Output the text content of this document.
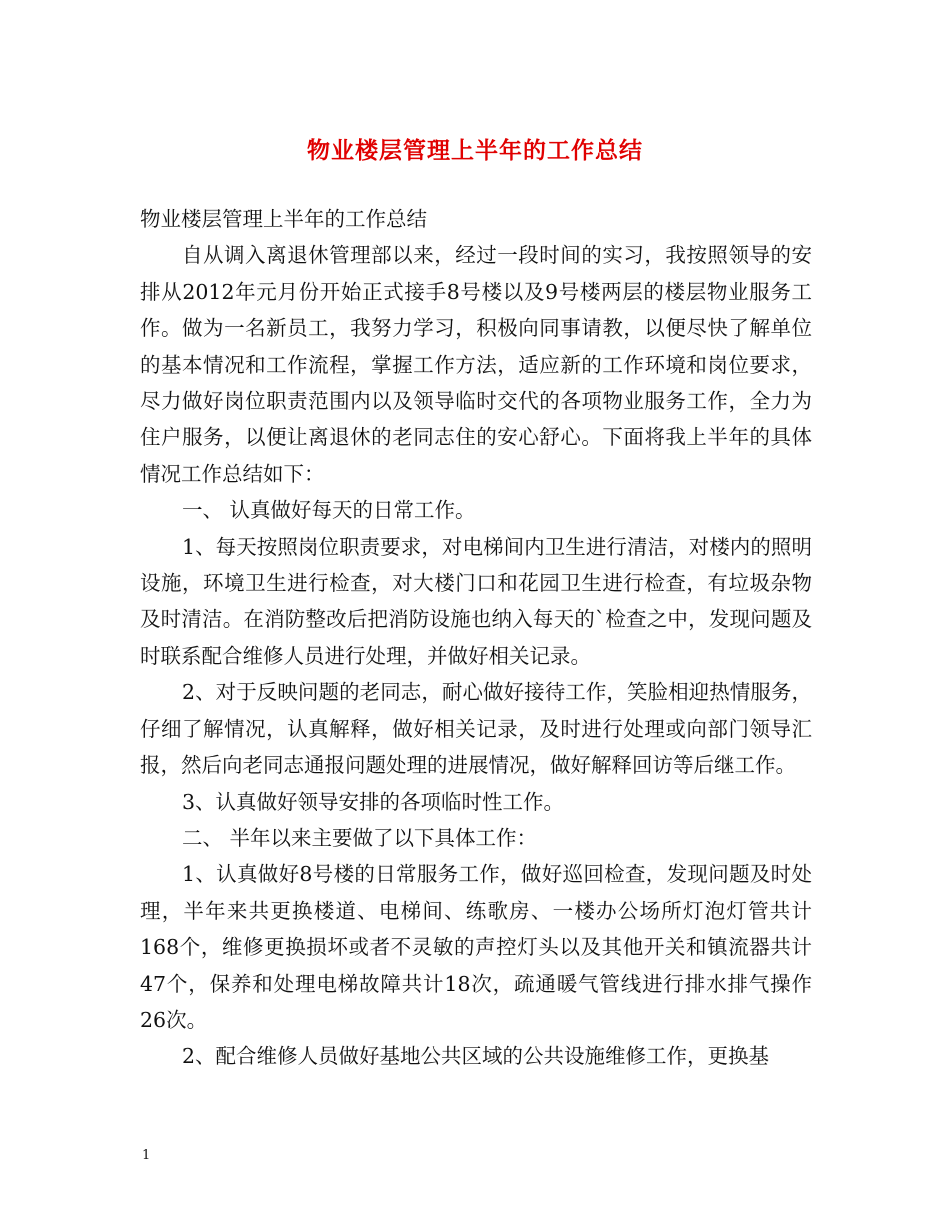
物业楼层管理上半年的工作总结

物业楼层管理上半年的工作总结

自从调入离退休管理部以来，经过一段时间的实习，我按照领导的安排从2012年元月份开始正式接手8号楼以及9号楼两层的楼层物业服务工作。做为一名新员工，我努力学习，积极向同事请教，以便尽快了解单位的基本情况和工作流程，掌握工作方法，适应新的工作环境和岗位要求，尽力做好岗位职责范围内以及领导临时交代的各项物业服务工作，全力为住户服务，以便让离退休的老同志住的安心舒心。下面将我上半年的具体情况工作总结如下：

一、 认真做好每天的日常工作。

1、每天按照岗位职责要求，对电梯间内卫生进行清洁，对楼内的照明设施，环境卫生进行检查，对大楼门口和花园卫生进行检查，有垃圾杂物及时清洁。在消防整改后把消防设施也纳入每天的`检查之中，发现问题及时联系配合维修人员进行处理，并做好相关记录。

2、对于反映问题的老同志，耐心做好接待工作，笑脸相迎热情服务，仔细了解情况，认真解释，做好相关记录，及时进行处理或向部门领导汇报，然后向老同志通报问题处理的进展情况，做好解释回访等后继工作。

3、认真做好领导安排的各项临时性工作。

二、 半年以来主要做了以下具体工作：

1、认真做好8号楼的日常服务工作，做好巡回检查，发现问题及时处理，半年来共更换楼道、电梯间、练歌房、一楼办公场所灯泡灯管共计168个，维修更换损坏或者不灵敏的声控灯头以及其他开关和镇流器共计47个，保养和处理电梯故障共计18次，疏通暖气管线进行排水排气操作26次。

2、配合维修人员做好基地公共区域的公共设施维修工作，更换基

1
